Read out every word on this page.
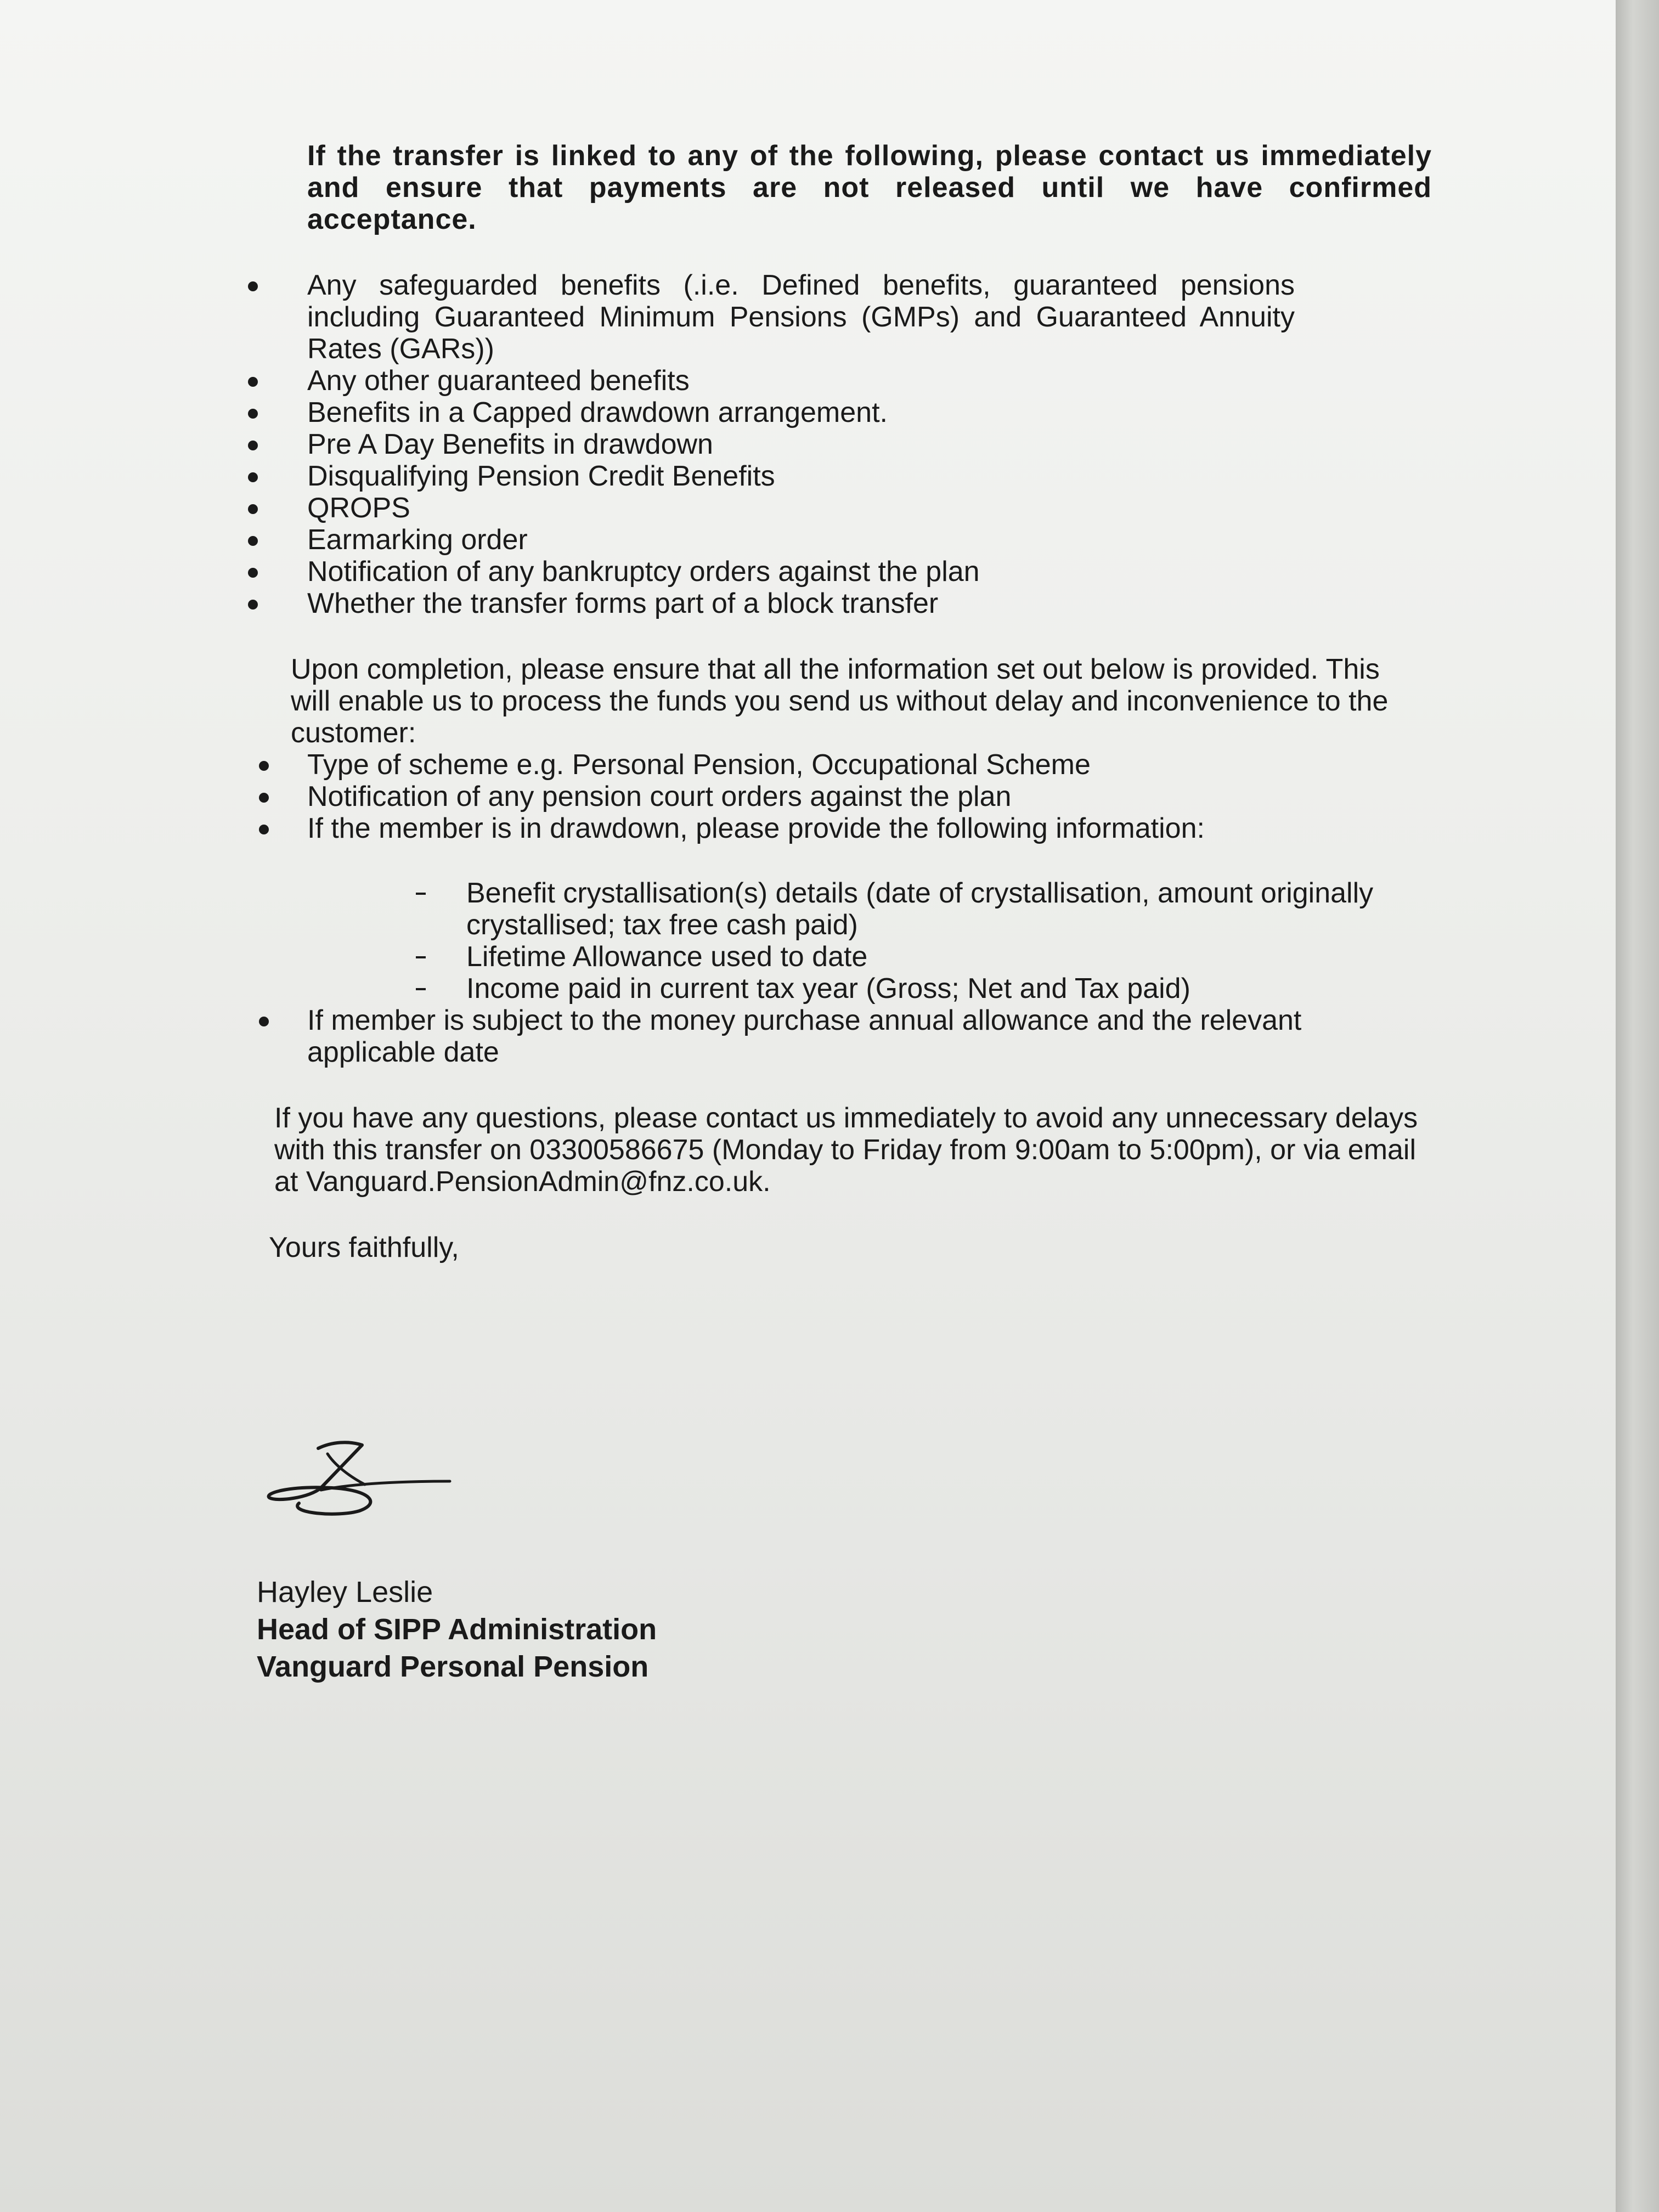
If the transfer is linked to any of the following, please contact us immediately and ensure that payments are not released until we have confirmed acceptance.

Any safeguarded benefits (.i.e. Defined benefits, guaranteed pensions including Guaranteed Minimum Pensions (GMPs) and Guaranteed Annuity Rates (GARs))
Any other guaranteed benefits
Benefits in a Capped drawdown arrangement.
Pre A Day Benefits in drawdown
Disqualifying Pension Credit Benefits
QROPS
Earmarking order
Notification of any bankruptcy orders against the plan
Whether the transfer forms part of a block transfer

Upon completion, please ensure that all the information set out below is provided. This will enable us to process the funds you send us without delay and inconvenience to the customer:

Type of scheme e.g. Personal Pension, Occupational Scheme
Notification of any pension court orders against the plan
If the member is in drawdown, please provide the following information:
Benefit crystallisation(s) details (date of crystallisation, amount originally crystallised; tax free cash paid)
Lifetime Allowance used to date
Income paid in current tax year (Gross; Net and Tax paid)
If member is subject to the money purchase annual allowance and the relevant applicable date

If you have any questions, please contact us immediately to avoid any unnecessary delays with this transfer on 03300586675 (Monday to Friday from 9:00am to 5:00pm), or via email at Vanguard.PensionAdmin@fnz.co.uk.

Yours faithfully,

Hayley Leslie
Head of SIPP Administration
Vanguard Personal Pension
